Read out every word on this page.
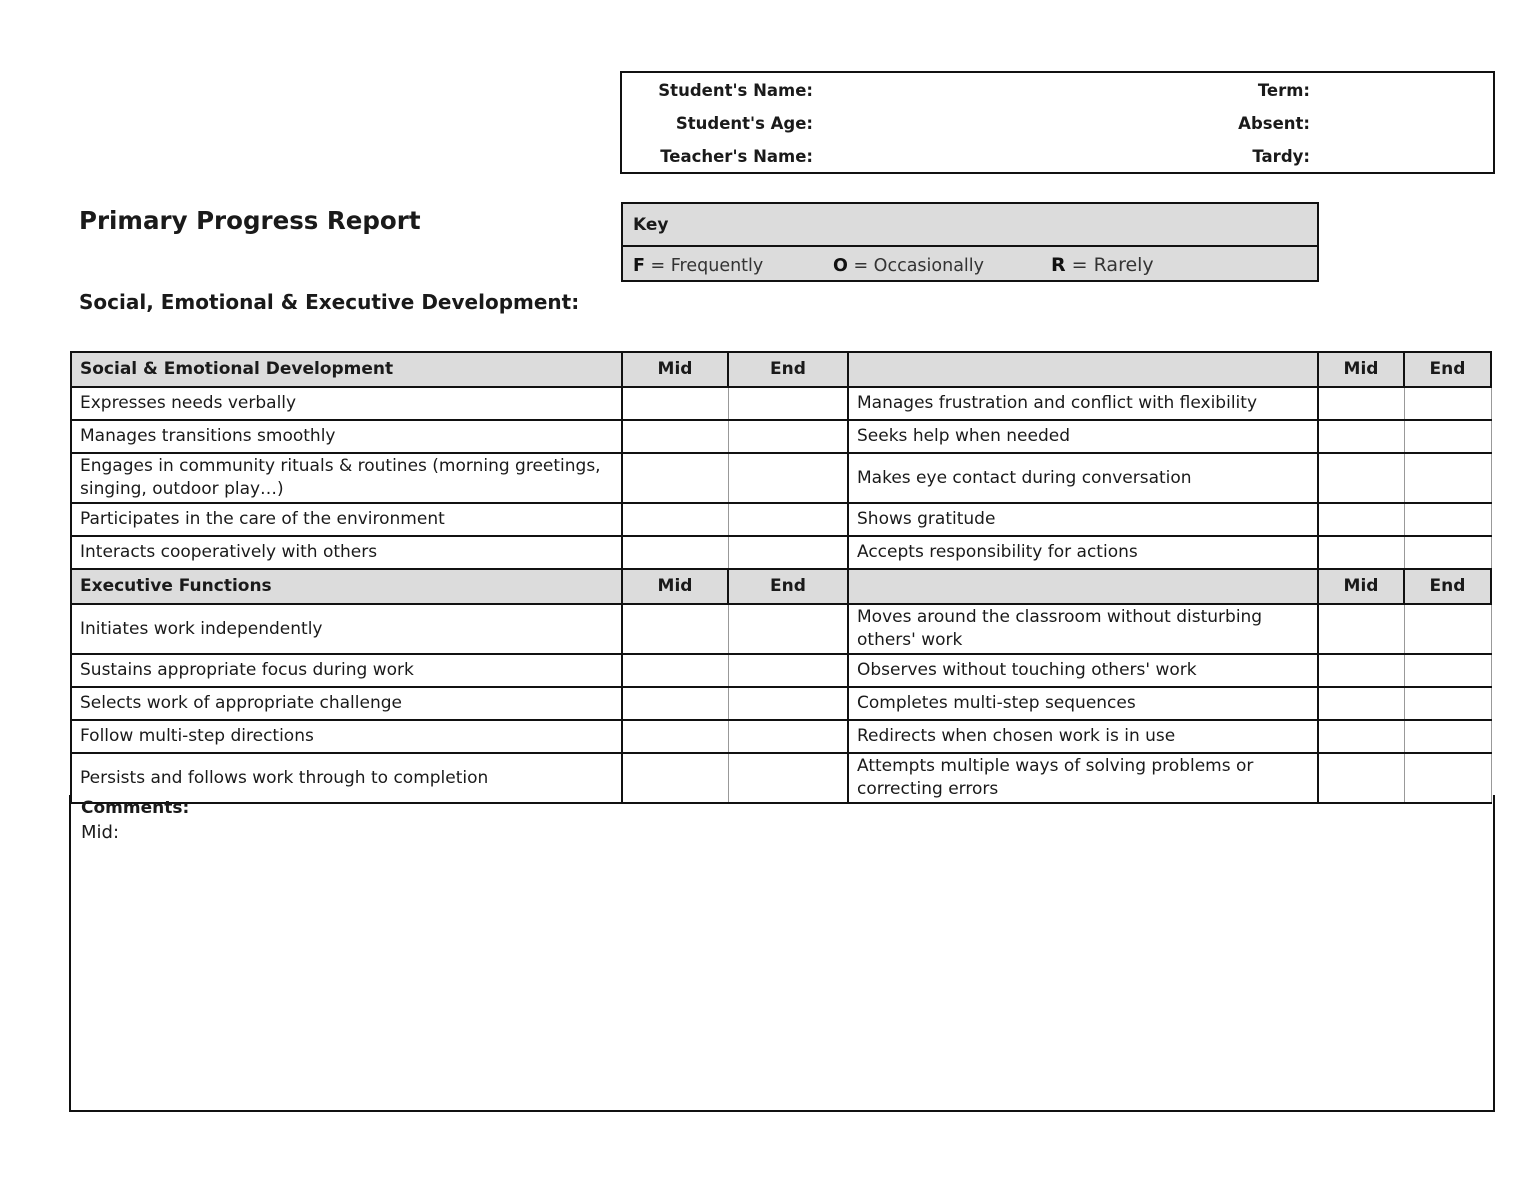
Student's Name:	Term:
Student's Age:	Absent:
Teacher's Name:	Tardy:
Primary Progress Report
Social, Emotional & Executive Development:
Key
F = Frequently	O = Occasionally	R = Rarely
Social & Emotional Development	Mid	End		Mid	End
Expresses needs verbally			Manages frustration and conflict with flexibility		
Manages transitions smoothly			Seeks help when needed		
Engages in community rituals & routines (morning greetings, singing, outdoor play…)			Makes eye contact during conversation		
Participates in the care of the environment			Shows gratitude		
Interacts cooperatively with others			Accepts responsibility for actions		
Executive Functions	Mid	End		Mid	End
Initiates work independently			Moves around the classroom without disturbing others' work		
Sustains appropriate focus during work			Observes without touching others' work		
Selects work of appropriate challenge			Completes multi-step sequences		
Follow multi-step directions			Redirects when chosen work is in use		
Persists and follows work through to completion			Attempts multiple ways of solving problems or correcting errors		
Comments:
Mid:
